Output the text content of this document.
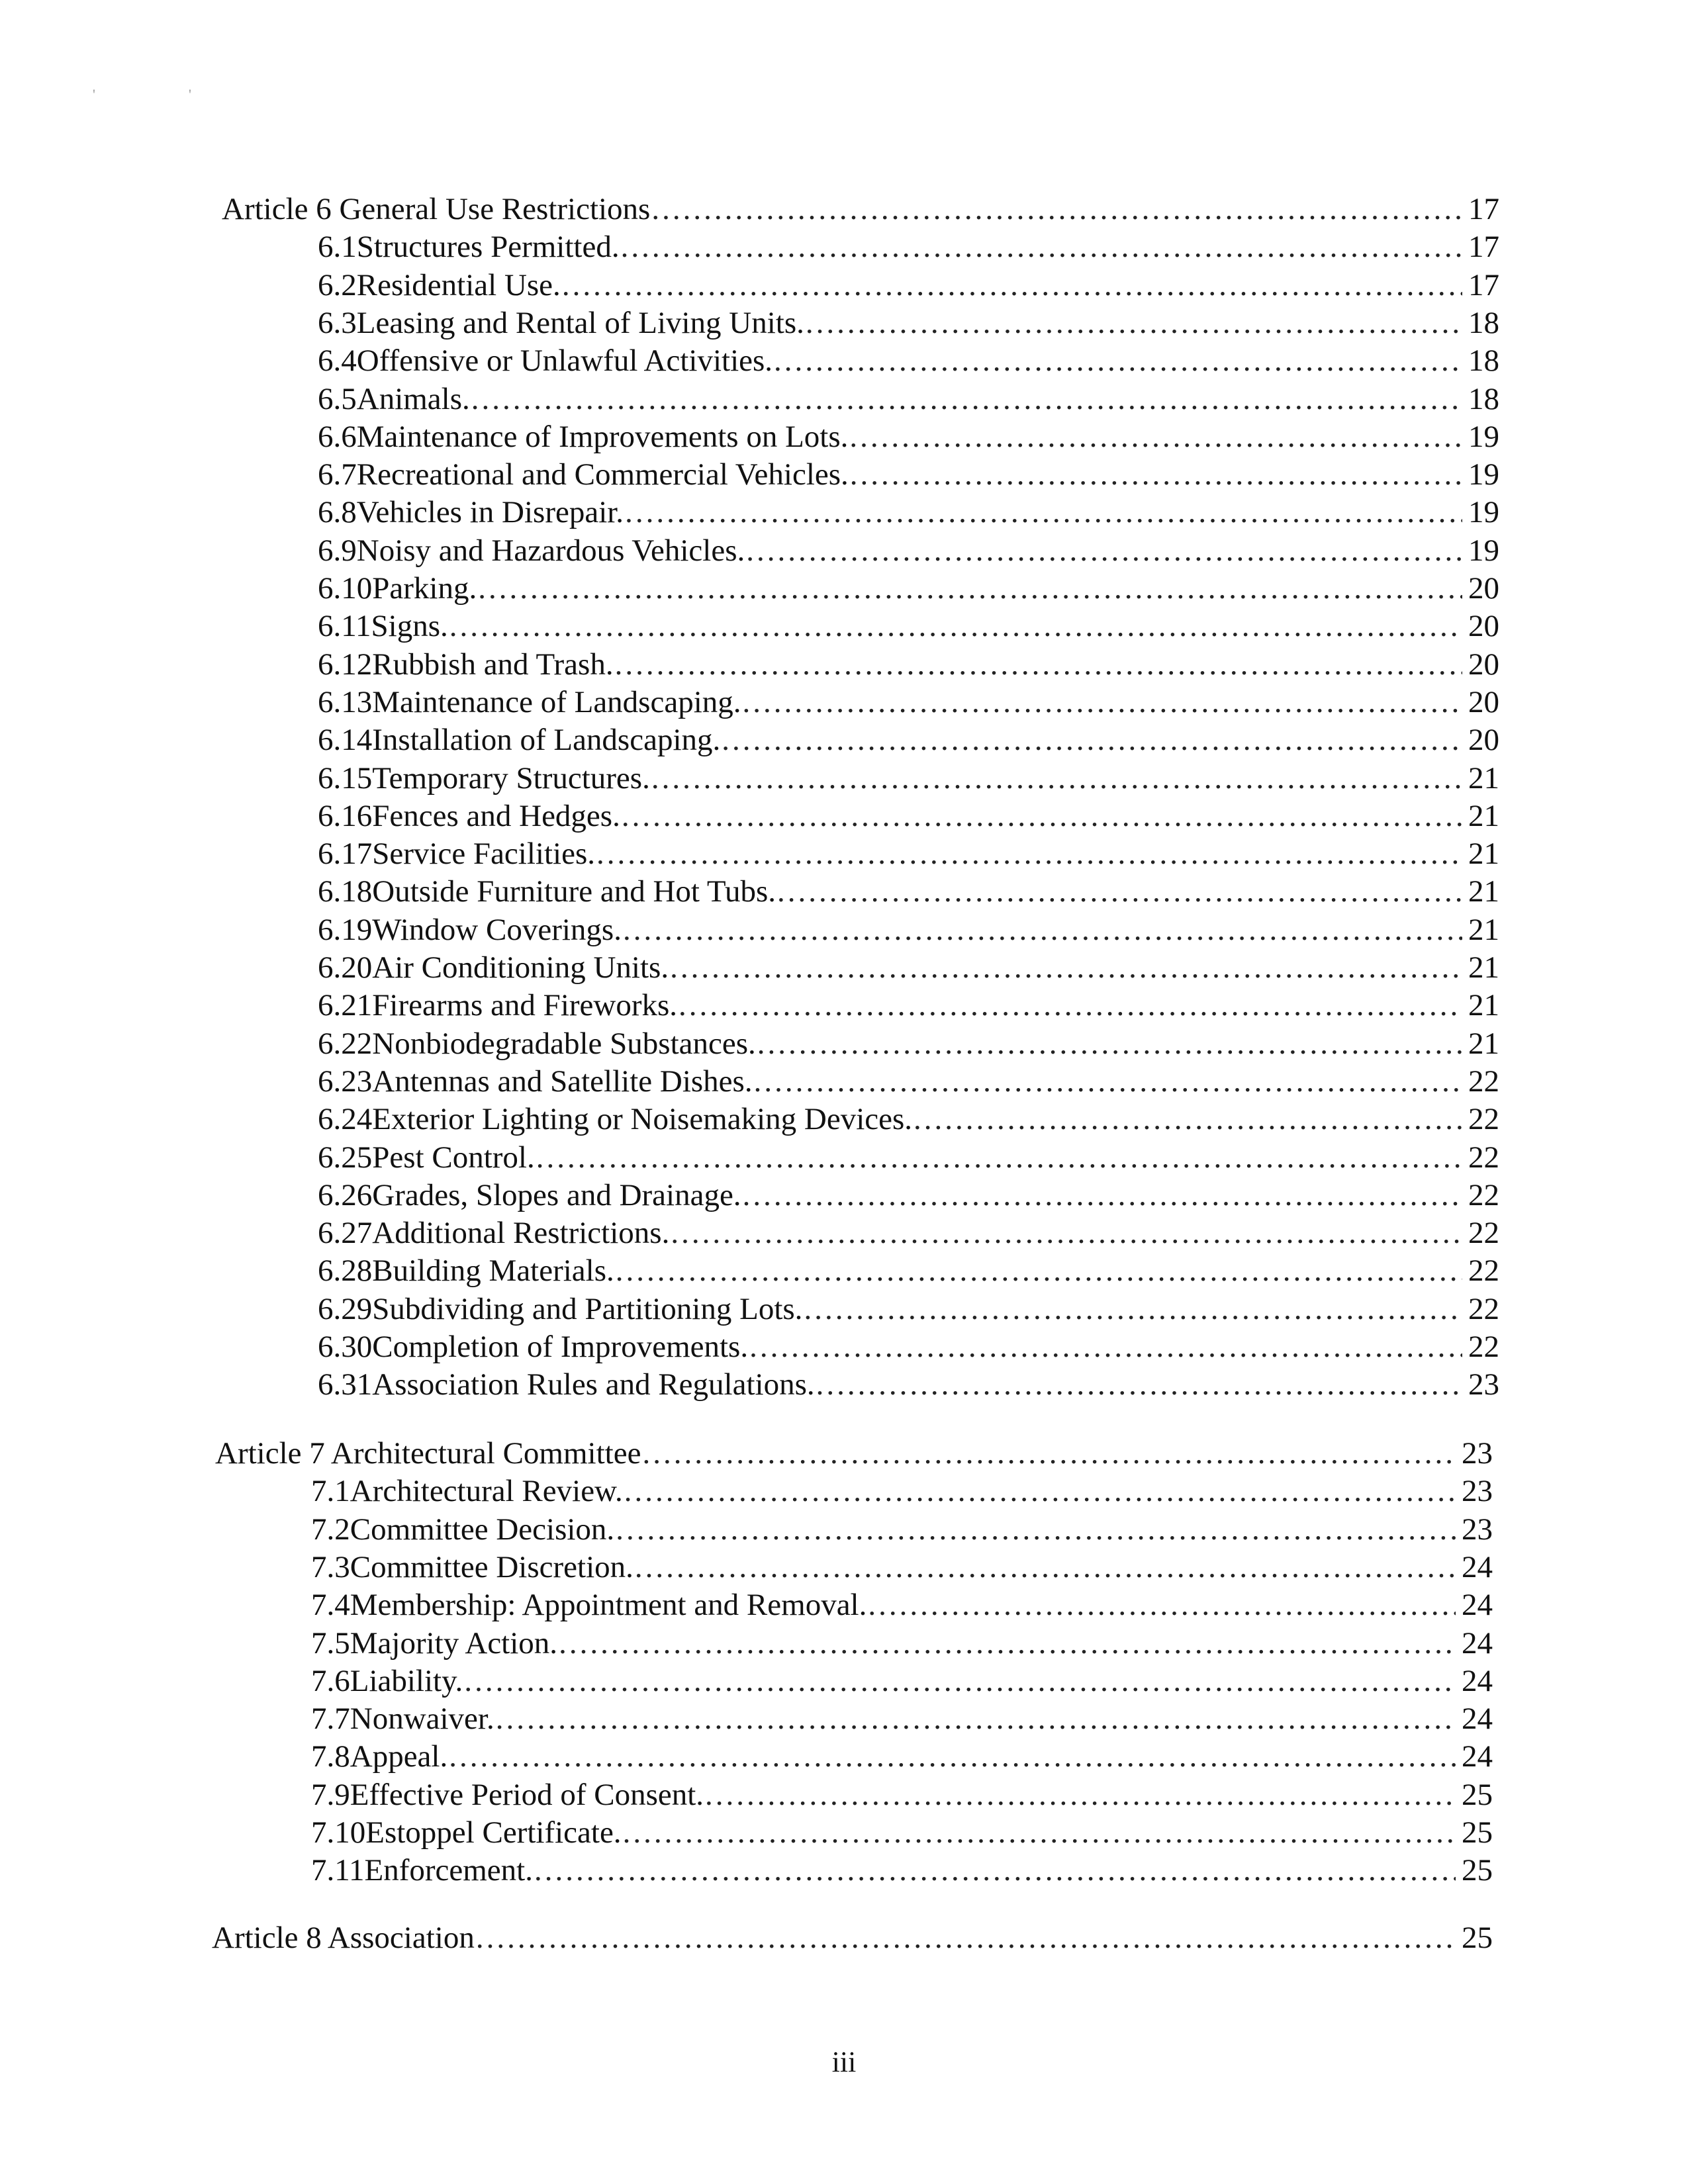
'	'
Article 6 General Use Restrictions .....	17
6.1 Structures Permitted. .....	17
6.2 Residential Use. .....	17
6.3 Leasing and Rental of Living Units. .....	18
6.4 Offensive or Unlawful Activities. .....	18
6.5 Animals. .....	18
6.6 Maintenance of Improvements on Lots. .....	19
6.7 Recreational and Commercial Vehicles. .....	19
6.8 Vehicles in Disrepair. .....	19
6.9 Noisy and Hazardous Vehicles. .....	19
6.10 Parking. .....	20
6.11 Signs. .....	20
6.12 Rubbish and Trash. .....	20
6.13 Maintenance of Landscaping. .....	20
6.14 Installation of Landscaping. .....	20
6.15 Temporary Structures. .....	21
6.16 Fences and Hedges. .....	21
6.17 Service Facilities. .....	21
6.18 Outside Furniture and Hot Tubs. .....	21
6.19 Window Coverings. .....	21
6.20 Air Conditioning Units. .....	21
6.21 Firearms and Fireworks. .....	21
6.22 Nonbiodegradable Substances. .....	21
6.23 Antennas and Satellite Dishes. .....	22
6.24 Exterior Lighting or Noisemaking Devices. .....	22
6.25 Pest Control. .....	22
6.26 Grades, Slopes and Drainage. .....	22
6.27 Additional Restrictions. .....	22
6.28 Building Materials. .....	22
6.29 Subdividing and Partitioning Lots. .....	22
6.30 Completion of Improvements. .....	22
6.31 Association Rules and Regulations. .....	23
Article 7 Architectural Committee .....	23
7.1 Architectural Review. .....	23
7.2 Committee Decision. .....	23
7.3 Committee Discretion. .....	24
7.4 Membership: Appointment and Removal. .....	24
7.5 Majority Action. .....	24
7.6 Liability. .....	24
7.7 Nonwaiver. .....	24
7.8 Appeal. .....	24
7.9 Effective Period of Consent. .....	25
7.10 Estoppel Certificate. .....	25
7.11 Enforcement. .....	25
Article 8 Association .....	25
iii
